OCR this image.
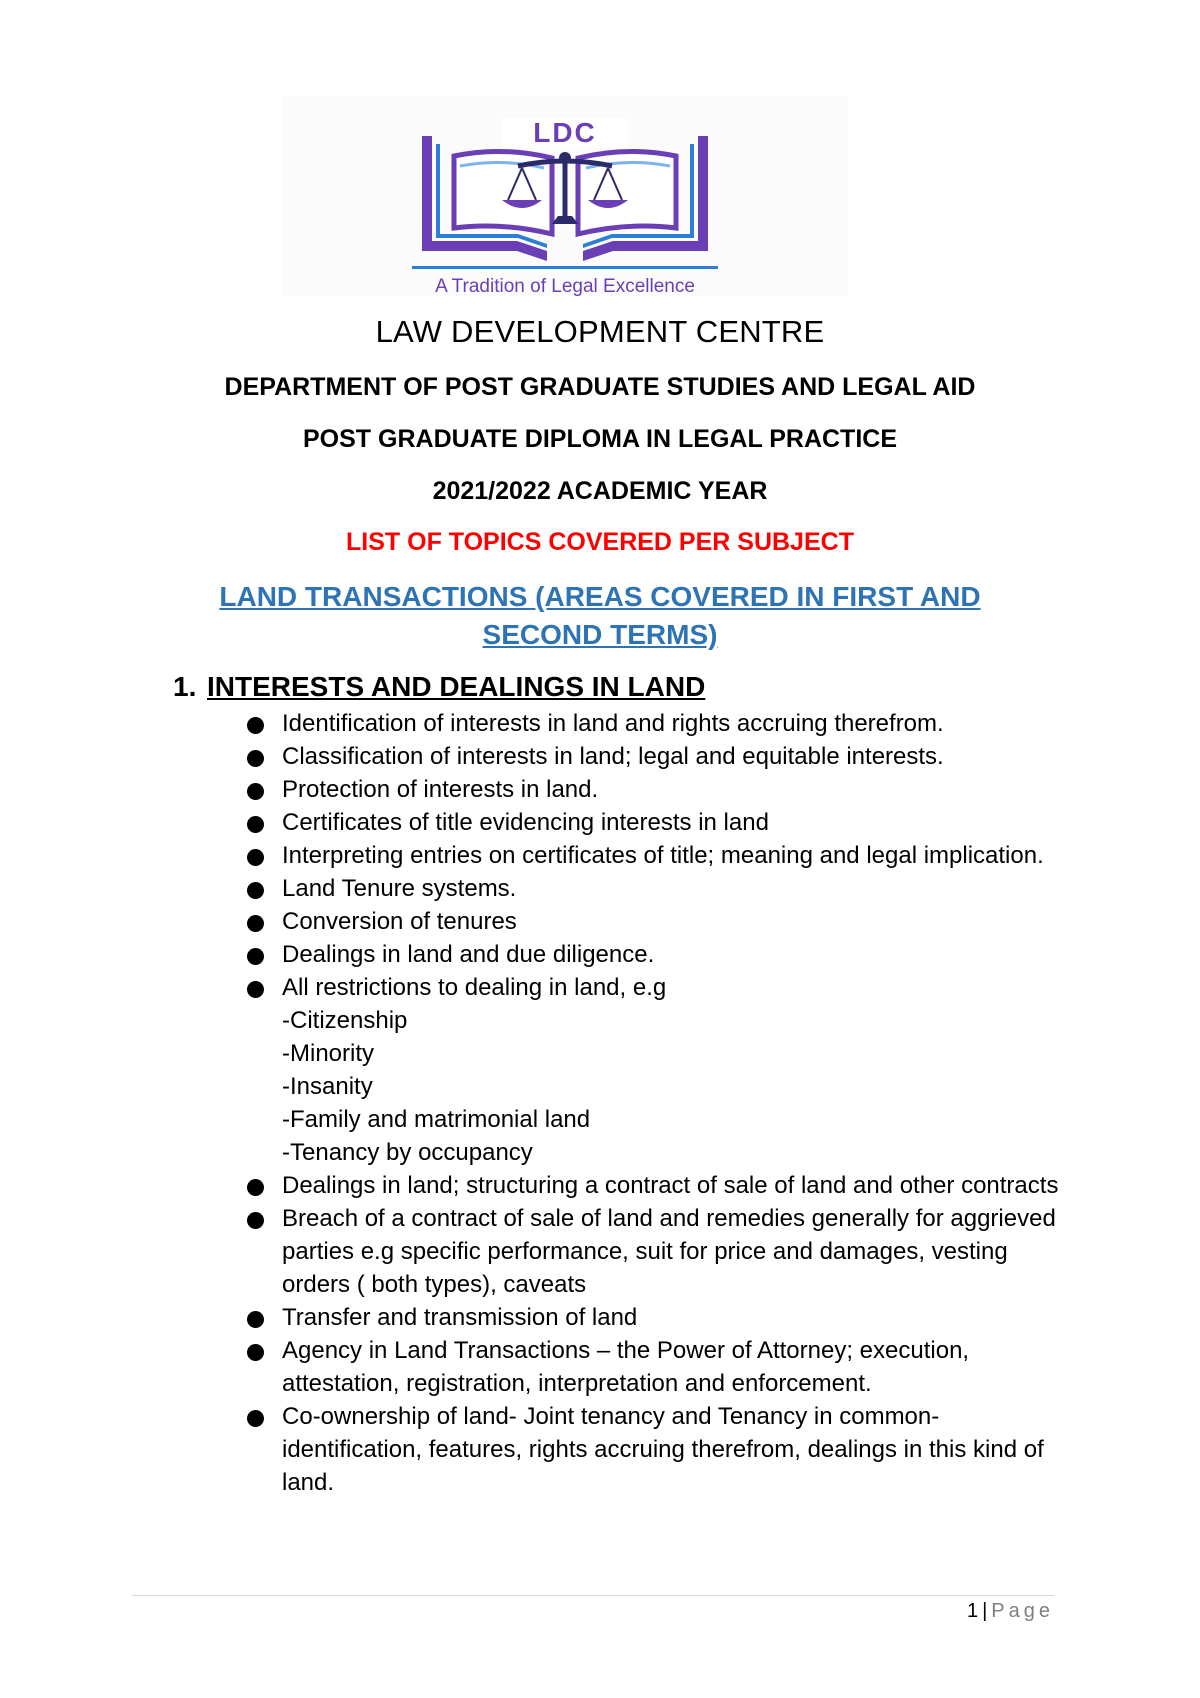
LDC
A Tradition of Legal Excellence
LAW DEVELOPMENT CENTRE

DEPARTMENT OF POST GRADUATE STUDIES AND LEGAL AID

POST GRADUATE DIPLOMA IN LEGAL PRACTICE

2021/2022 ACADEMIC YEAR

LIST OF TOPICS COVERED PER SUBJECT

LAND TRANSACTIONS (AREAS COVERED IN FIRST AND SECOND TERMS)

1. INTERESTS AND DEALINGS IN LAND
Identification of interests in land and rights accruing therefrom.
Classification of interests in land; legal and equitable interests.
Protection of interests in land.
Certificates of title evidencing interests in land
Interpreting entries on certificates of title; meaning and legal implication.
Land Tenure systems.
Conversion of tenures
Dealings in land and due diligence.
All restrictions to dealing in land, e.g
-Citizenship
-Minority
-Insanity
-Family and matrimonial land
-Tenancy by occupancy
Dealings in land; structuring a contract of sale of land and other contracts
Breach of a contract of sale of land and remedies generally for aggrieved parties e.g specific performance, suit for price and damages, vesting orders ( both types), caveats
Transfer and transmission of land
Agency in Land Transactions – the Power of Attorney; execution, attestation, registration, interpretation and enforcement.
Co-ownership of land- Joint tenancy and Tenancy in common- identification, features, rights accruing therefrom, dealings in this kind of land.
1 | Page
